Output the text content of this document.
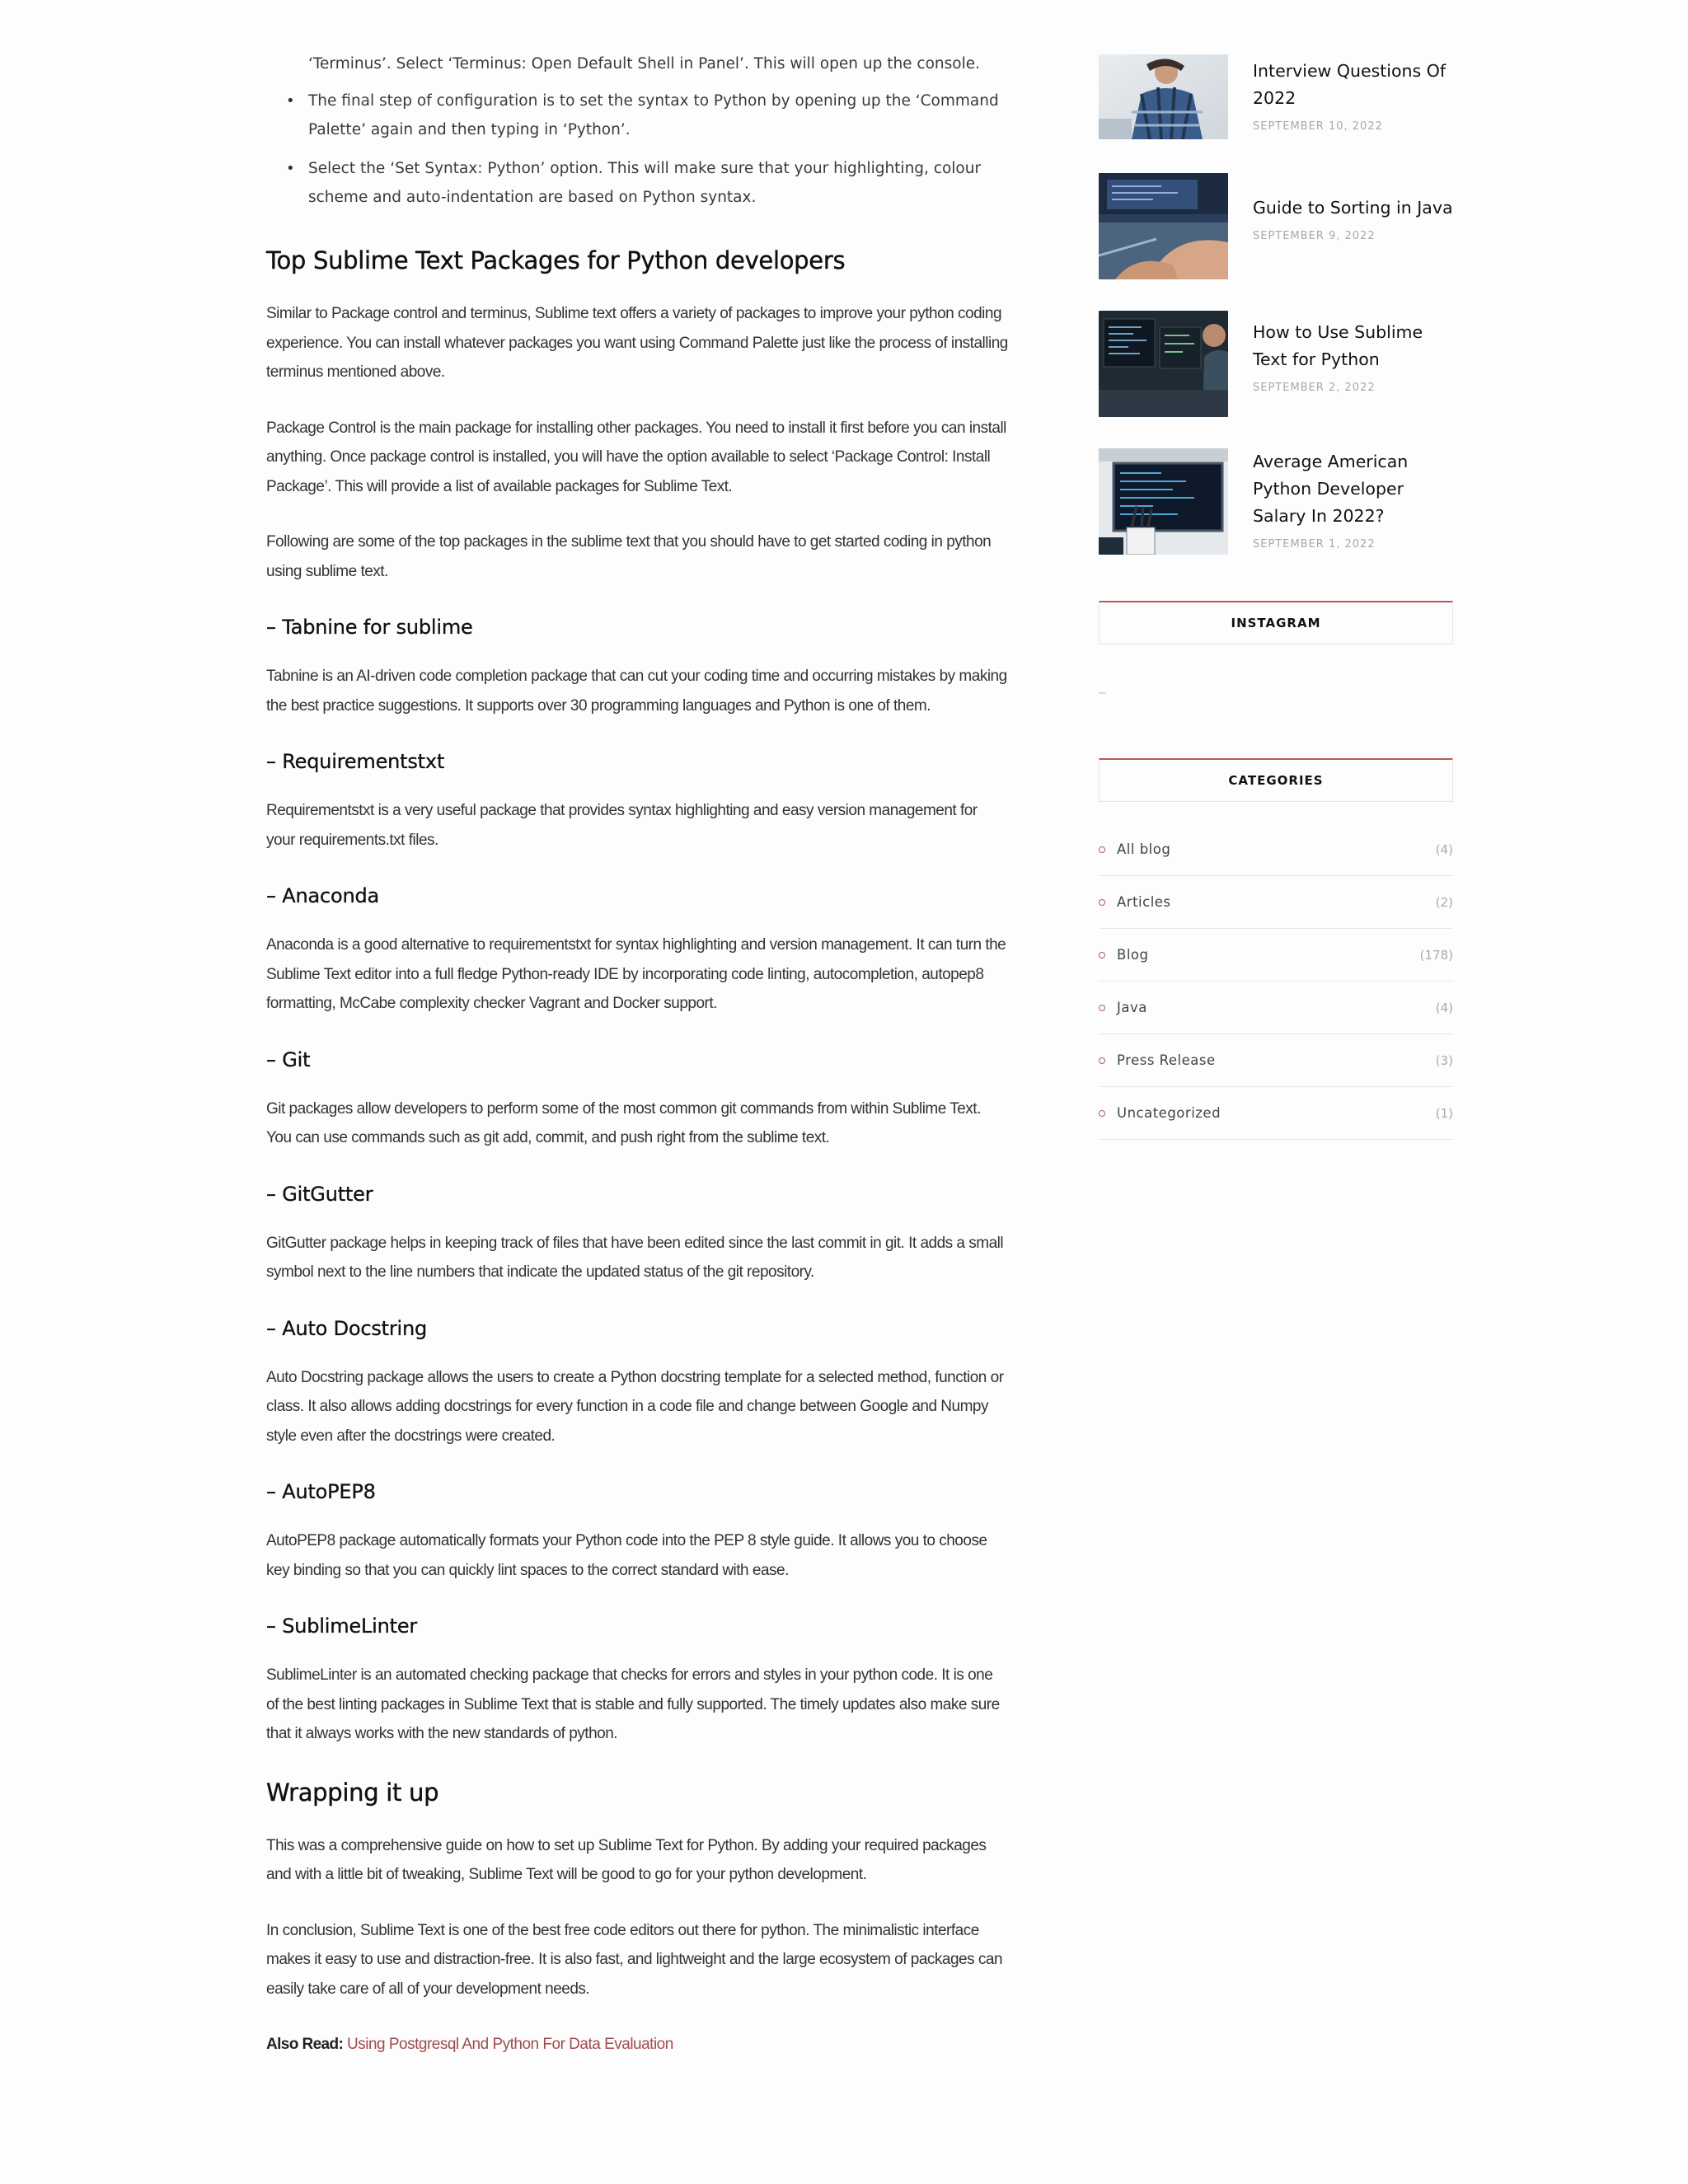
‘Terminus’. Select ‘Terminus: Open Default Shell in Panel’. This will open up the console.
• The final step of configuration is to set the syntax to Python by opening up the ‘Command Palette’ again and then typing in ‘Python’.
• Select the ‘Set Syntax: Python’ option. This will make sure that your highlighting, colour scheme and auto-indentation are based on Python syntax.
Top Sublime Text Packages for Python developers

Similar to Package control and terminus, Sublime text offers a variety of packages to improve your python coding experience. You can install whatever packages you want using Command Palette just like the process of installing terminus mentioned above.

Package Control is the main package for installing other packages. You need to install it first before you can install anything. Once package control is installed, you will have the option available to select ‘Package Control: Install Package’. This will provide a list of available packages for Sublime Text.

Following are some of the top packages in the sublime text that you should have to get started coding in python using sublime text.

– Tabnine for sublime

Tabnine is an AI-driven code completion package that can cut your coding time and occurring mistakes by making the best practice suggestions. It supports over 30 programming languages and Python is one of them.

– Requirementstxt

Requirementstxt is a very useful package that provides syntax highlighting and easy version management for your requirements.txt files.

– Anaconda

Anaconda is a good alternative to requirementstxt for syntax highlighting and version management. It can turn the Sublime Text editor into a full fledge Python-ready IDE by incorporating code linting, autocompletion, autopep8 formatting, McCabe complexity checker Vagrant and Docker support.

– Git

Git packages allow developers to perform some of the most common git commands from within Sublime Text. You can use commands such as git add, commit, and push right from the sublime text.

– GitGutter

GitGutter package helps in keeping track of files that have been edited since the last commit in git. It adds a small symbol next to the line numbers that indicate the updated status of the git repository.

– Auto Docstring

Auto Docstring package allows the users to create a Python docstring template for a selected method, function or class. It also allows adding docstrings for every function in a code file and change between Google and Numpy style even after the docstrings were created.

– AutoPEP8

AutoPEP8 package automatically formats your Python code into the PEP 8 style guide. It allows you to choose key binding so that you can quickly lint spaces to the correct standard with ease.

– SublimeLinter

SublimeLinter is an automated checking package that checks for errors and styles in your python code. It is one of the best linting packages in Sublime Text that is stable and fully supported. The timely updates also make sure that it always works with the new standards of python.

Wrapping it up

This was a comprehensive guide on how to set up Sublime Text for Python. By adding your required packages and with a little bit of tweaking, Sublime Text will be good to go for your python development.

In conclusion, Sublime Text is one of the best free code editors out there for python. The minimalistic interface makes it easy to use and distraction-free. It is also fast, and lightweight and the large ecosystem of packages can easily take care of all of your development needs.

Also Read: Using Postgresql And Python For Data Evaluation

Interview Questions Of 2022
SEPTEMBER 10, 2022
Guide to Sorting in Java
SEPTEMBER 9, 2022
How to Use Sublime Text for Python
SEPTEMBER 2, 2022
Average American Python Developer Salary In 2022?
SEPTEMBER 1, 2022
INSTAGRAM
–
CATEGORIES
All blog	(4)
Articles	(2)
Blog	(178)
Java	(4)
Press Release	(3)
Uncategorized	(1)
